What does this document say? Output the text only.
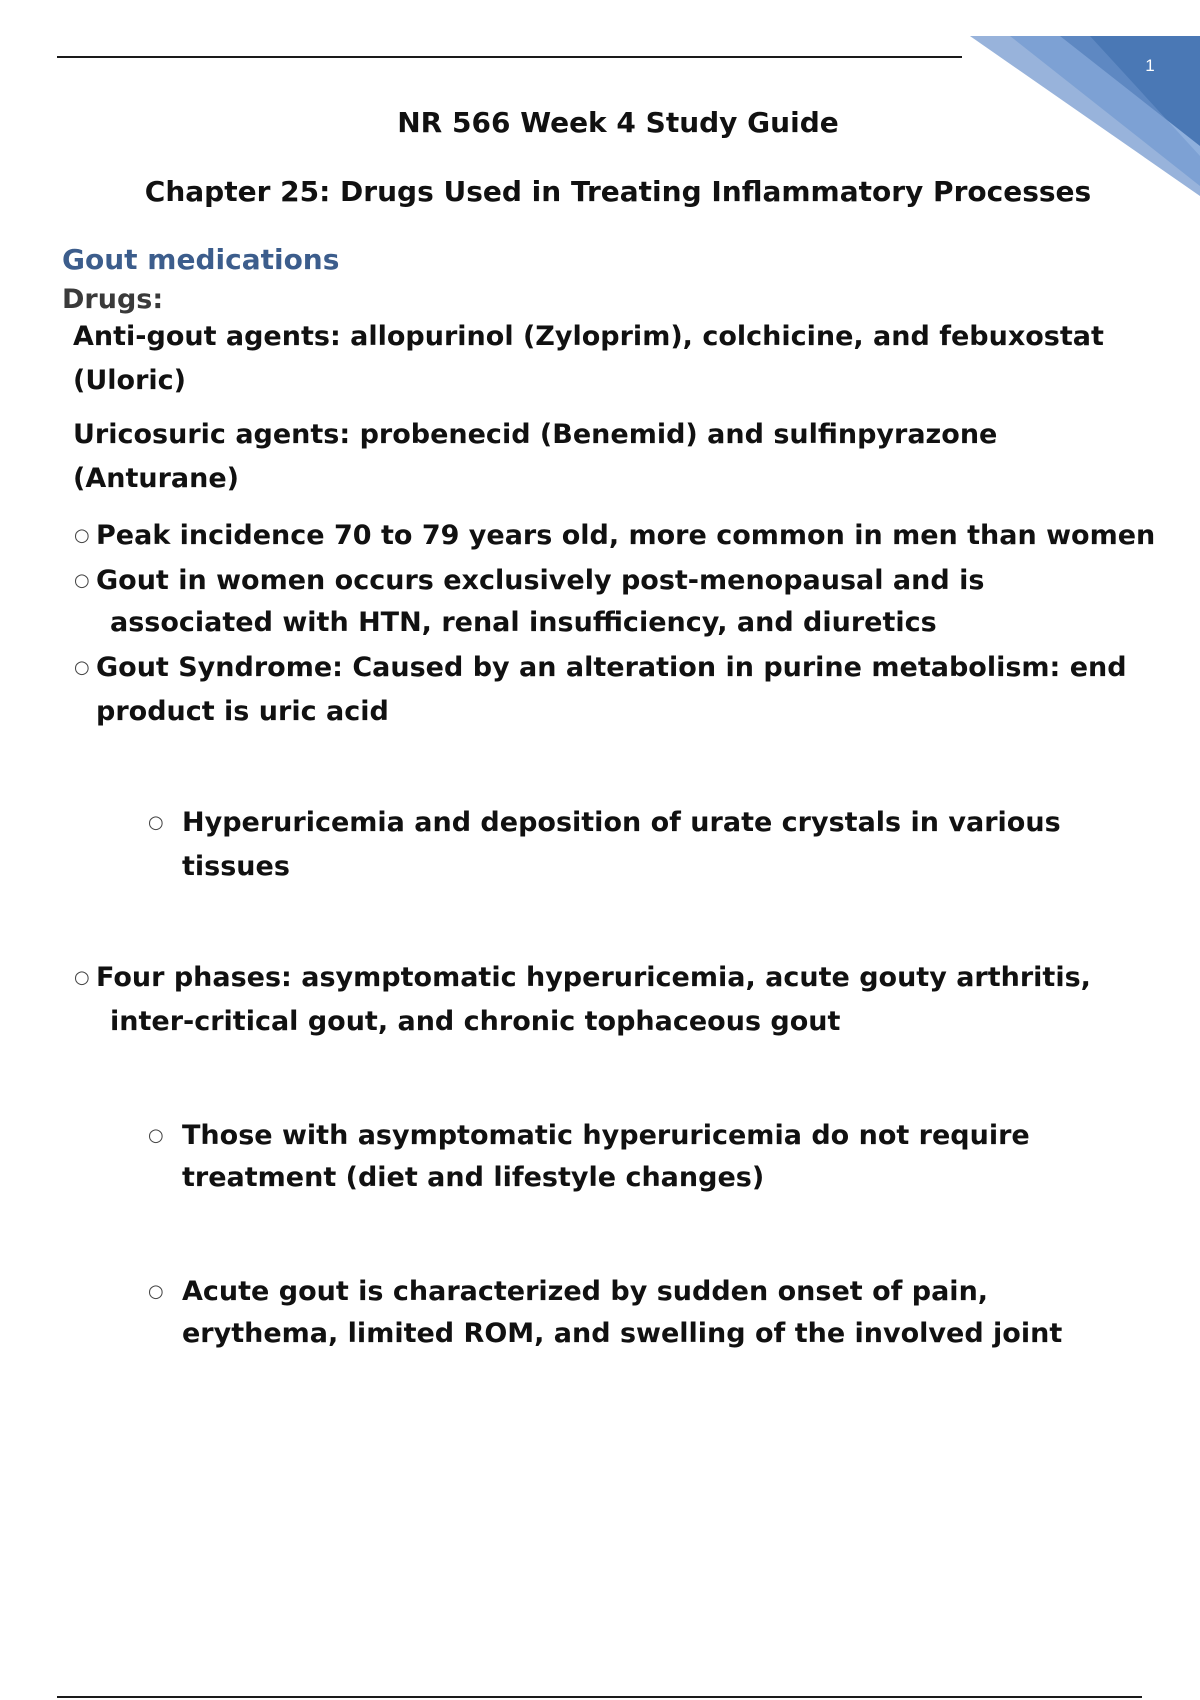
1
NR 566 Week 4 Study Guide
Chapter 25: Drugs Used in Treating Inflammatory Processes
Gout medications
Drugs:
Anti-gout agents: allopurinol (Zyloprim), colchicine, and febuxostat
(Uloric)
Uricosuric agents: probenecid (Benemid) and sulfinpyrazone
(Anturane)
○ Peak incidence 70 to 79 years old, more common in men than women
○ Gout in women occurs exclusively post-menopausal and is
associated with HTN, renal insufficiency, and diuretics
○ Gout Syndrome: Caused by an alteration in purine metabolism: end
product is uric acid
○ Hyperuricemia and deposition of urate crystals in various
tissues
○ Four phases: asymptomatic hyperuricemia, acute gouty arthritis,
inter-critical gout, and chronic tophaceous gout
○ Those with asymptomatic hyperuricemia do not require
treatment (diet and lifestyle changes)
○ Acute gout is characterized by sudden onset of pain,
erythema, limited ROM, and swelling of the involved joint
